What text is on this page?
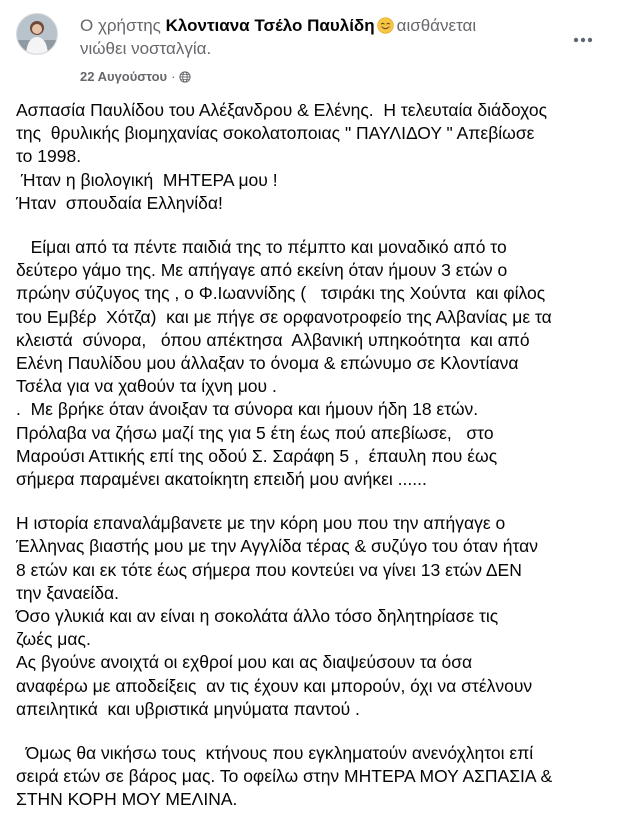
Ο χρήστης Κλοντιανα Τσέλο Παυλίδη αισθάνεται
νιώθει νοσταλγία.
22 Αυγούστου ·
Ασπασία Παυλίδου του Αλέξανδρου & Ελένης.  Η τελευταία διάδοχος
της  θρυλικής βιομηχανίας σοκολατοποιας " ΠΑΥΛΙΔΟΥ " Απεβίωσε
το 1998.
Ήταν η βιολογική  ΜΗΤΕΡΑ μου !
Ήταν  σπουδαία Ελληνίδα!
Είμαι από τα πέντε παιδιά της το πέμπτο και μοναδικό από το
δεύτερο γάμο της. Με απήγαγε από εκείνη όταν ήμουν 3 ετών ο
πρώην σύζυγος της , ο Φ.Ιωαννίδης (   τσιράκι της Χούντα  και φίλος
του Εμβέρ  Χότζα)  και με πήγε σε ορφανοτροφείο της Αλβανίας με τα
κλειστά  σύνορα,   όπου απέκτησα  Αλβανική υπηκοότητα  και από
Ελένη Παυλίδου μου άλλαξαν το όνομα & επώνυμο σε Κλοντίανα
Τσέλα για να χαθούν τα ίχνη μου .
.  Με βρήκε όταν άνοιξαν τα σύνορα και ήμουν ήδη 18 ετών.
Πρόλαβα να ζήσω μαζί της για 5 έτη έως πού απεβίωσε,   στο
Μαρούσι Αττικής επί της οδού Σ. Σαράφη 5 ,  έπαυλη που έως
σήμερα παραμένει ακατοίκητη επειδή μου ανήκει ......
Η ιστορία επαναλάμβανετε με την κόρη μου που την απήγαγε ο
Έλληνας βιαστής μου με την Αγγλίδα τέρας & συζύγο του όταν ήταν
8 ετών και εκ τότε έως σήμερα που κοντεύει να γίνει 13 ετών ΔΕΝ
την ξαναείδα.
Όσο γλυκιά και αν είναι η σοκολάτα άλλο τόσο δηλητηρίασε τις
ζωές μας.
Ας βγούνε ανοιχτά οι εχθροί μου και ας διαψεύσουν τα όσα
αναφέρω με αποδείξεις  αν τις έχουν και μπορούν, όχι να στέλνουν
απειλητικά  και υβριστικά μηνύματα παντού .
Όμως θα νικήσω τους  κτήνους που εγκληματούν ανενόχλητοι επί
σειρά ετών σε βάρος μας. Το οφείλω στην ΜΗΤΕΡΑ ΜΟΥ ΑΣΠΑΣΙΑ &
ΣΤΗΝ ΚΟΡΗ ΜΟΥ ΜΕΛΙΝΑ.
